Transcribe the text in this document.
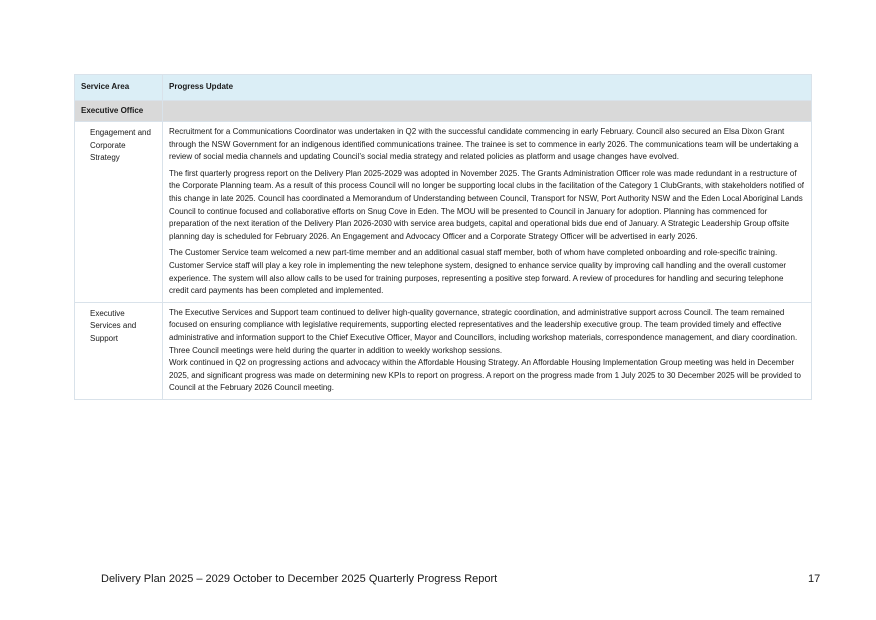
Service Area	Progress Update
Executive Office	
Engagement and Corporate Strategy	Recruitment for a Communications Coordinator was undertaken in Q2 with the successful candidate commencing in early February. Council also secured an Elsa Dixon Grant through the NSW Government for an indigenous identified communications trainee. The trainee is set to commence in early 2026. The communications team will be undertaking a review of social media channels and updating Council’s social media strategy and related policies as platform and usage changes have evolved.

The first quarterly progress report on the Delivery Plan 2025-2029 was adopted in November 2025. The Grants Administration Officer role was made redundant in a restructure of the Corporate Planning team. As a result of this process Council will no longer be supporting local clubs in the facilitation of the Category 1 ClubGrants, with stakeholders notified of this change in late 2025. Council has coordinated a Memorandum of Understanding between Council, Transport for NSW, Port Authority NSW and the Eden Local Aboriginal Lands Council to continue focused and collaborative efforts on Snug Cove in Eden. The MOU will be presented to Council in January for adoption. Planning has commenced for preparation of the next iteration of the Delivery Plan 2026-2030 with service area budgets, capital and operational bids due end of January. A Strategic Leadership Group offsite planning day is scheduled for February 2026. An Engagement and Advocacy Officer and a Corporate Strategy Officer will be advertised in early 2026.

The Customer Service team welcomed a new part-time member and an additional casual staff member, both of whom have completed onboarding and role-specific training. Customer Service staff will play a key role in implementing the new telephone system, designed to enhance service quality by improving call handling and the overall customer experience. The system will also allow calls to be used for training purposes, representing a positive step forward. A review of procedures for handling and securing telephone credit card payments has been completed and implemented.

Executive Services and Support	The Executive Services and Support team continued to deliver high-quality governance, strategic coordination, and administrative support across Council. The team remained focused on ensuring compliance with legislative requirements, supporting elected representatives and the leadership executive group. The team provided timely and effective administrative and information support to the Chief Executive Officer, Mayor and Councillors, including workshop materials, correspondence management, and diary coordination. Three Council meetings were held during the quarter in addition to weekly workshop sessions.

Work continued in Q2 on progressing actions and advocacy within the Affordable Housing Strategy. An Affordable Housing Implementation Group meeting was held in December 2025, and significant progress was made on determining new KPIs to report on progress. A report on the progress made from 1 July 2025 to 30 December 2025 will be provided to Council at the February 2026 Council meeting.

Delivery Plan 2025 – 2029 October to December 2025 Quarterly Progress Report	17
